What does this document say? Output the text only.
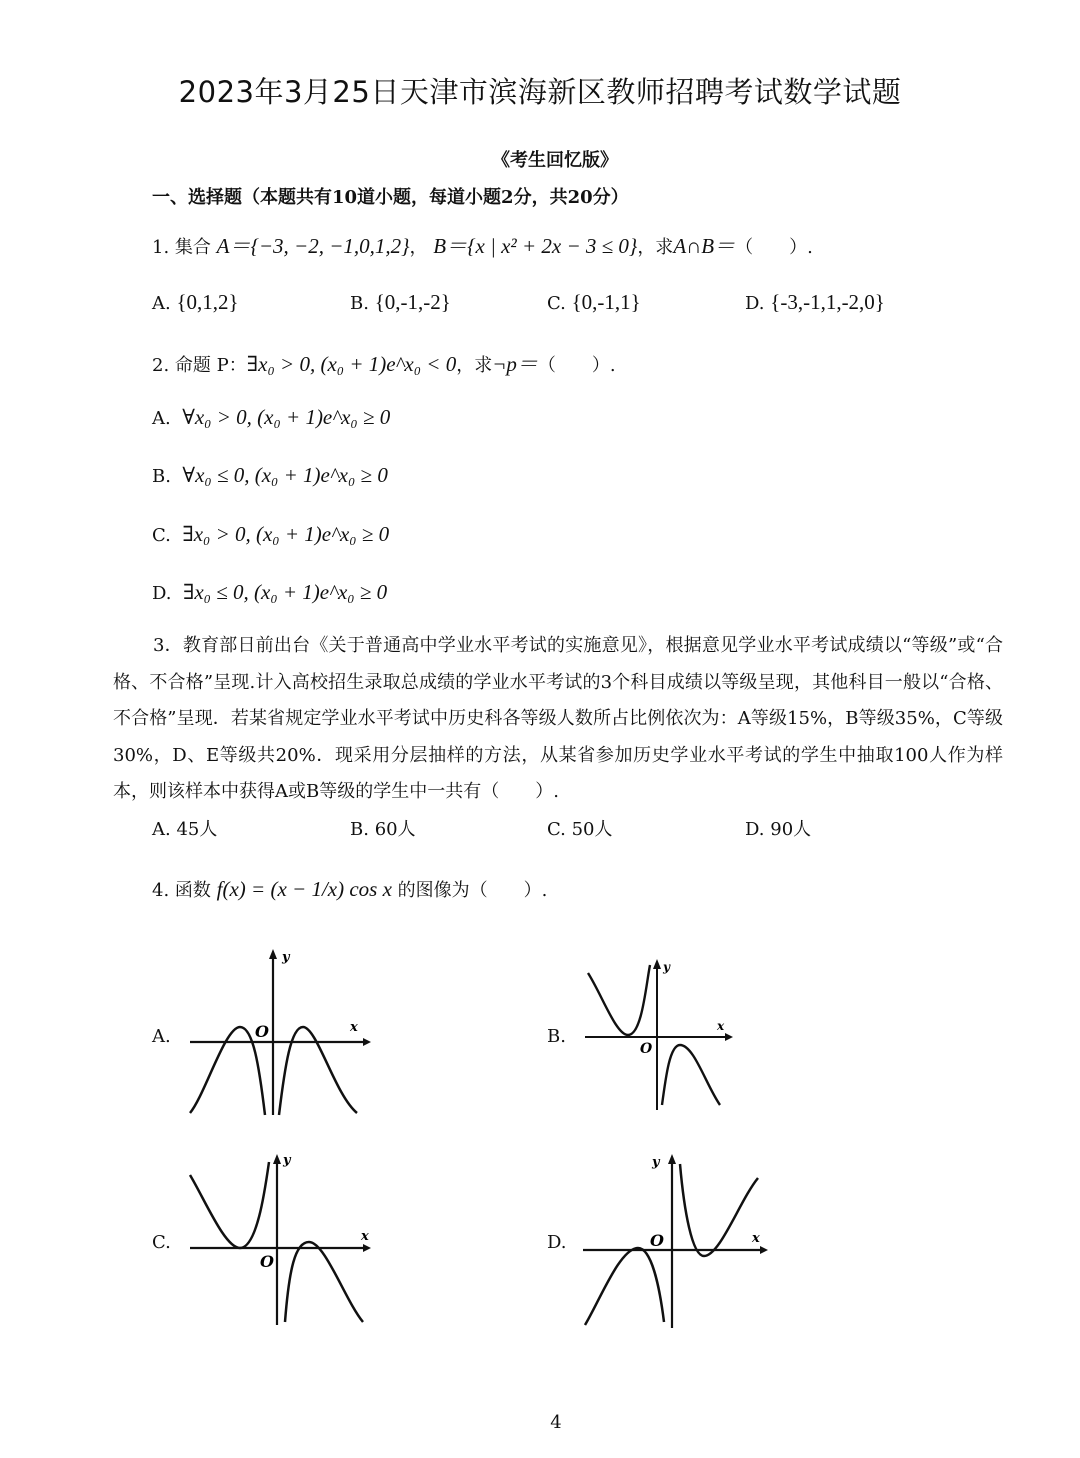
2023年3月25日天津市滨海新区教师招聘考试数学试题
《考生回忆版》
一、选择题（本题共有10道小题，每道小题2分，共20分）
1. 集合 A＝{−3, −2, −1,0,1,2}， B＝{x | x² + 2x − 3 ≤ 0}，求A∩B＝（　　）.
A. {0,1,2}	B. {0,-1,-2}	C. {0,-1,1}	D. {-3,-1,1,-2,0}
2. 命题 P：∃x₀ > 0, (x₀ + 1)e^x₀ < 0，求¬p＝（　　）.
A. ∀x₀ > 0, (x₀ + 1)e^x₀ ≥ 0
B. ∀x₀ ≤ 0, (x₀ + 1)e^x₀ ≥ 0
C. ∃x₀ > 0, (x₀ + 1)e^x₀ ≥ 0
D. ∃x₀ ≤ 0, (x₀ + 1)e^x₀ ≥ 0
3．教育部日前出台《关于普通高中学业水平考试的实施意见》，根据意见学业水平考试成绩以“等级”或“合格、不合格”呈现.计入高校招生录取总成绩的学业水平考试的3个科目成绩以等级呈现，其他科目一般以“合格、不合格”呈现．若某省规定学业水平考试中历史科各等级人数所占比例依次为：A等级15%，B等级35%，C等级30%，D、E等级共20%．现采用分层抽样的方法，从某省参加历史学业水平考试的学生中抽取100人作为样本，则该样本中获得A或B等级的学生中一共有（　　）.
A. 45人	B. 60人	C. 50人	D. 90人
4. 函数 f(x) = (x − 1/x) cos x 的图像为（　　）.
A.
y
x
O	B.
y
x
O
C.
y
x
O
D.
y
x
O
4
